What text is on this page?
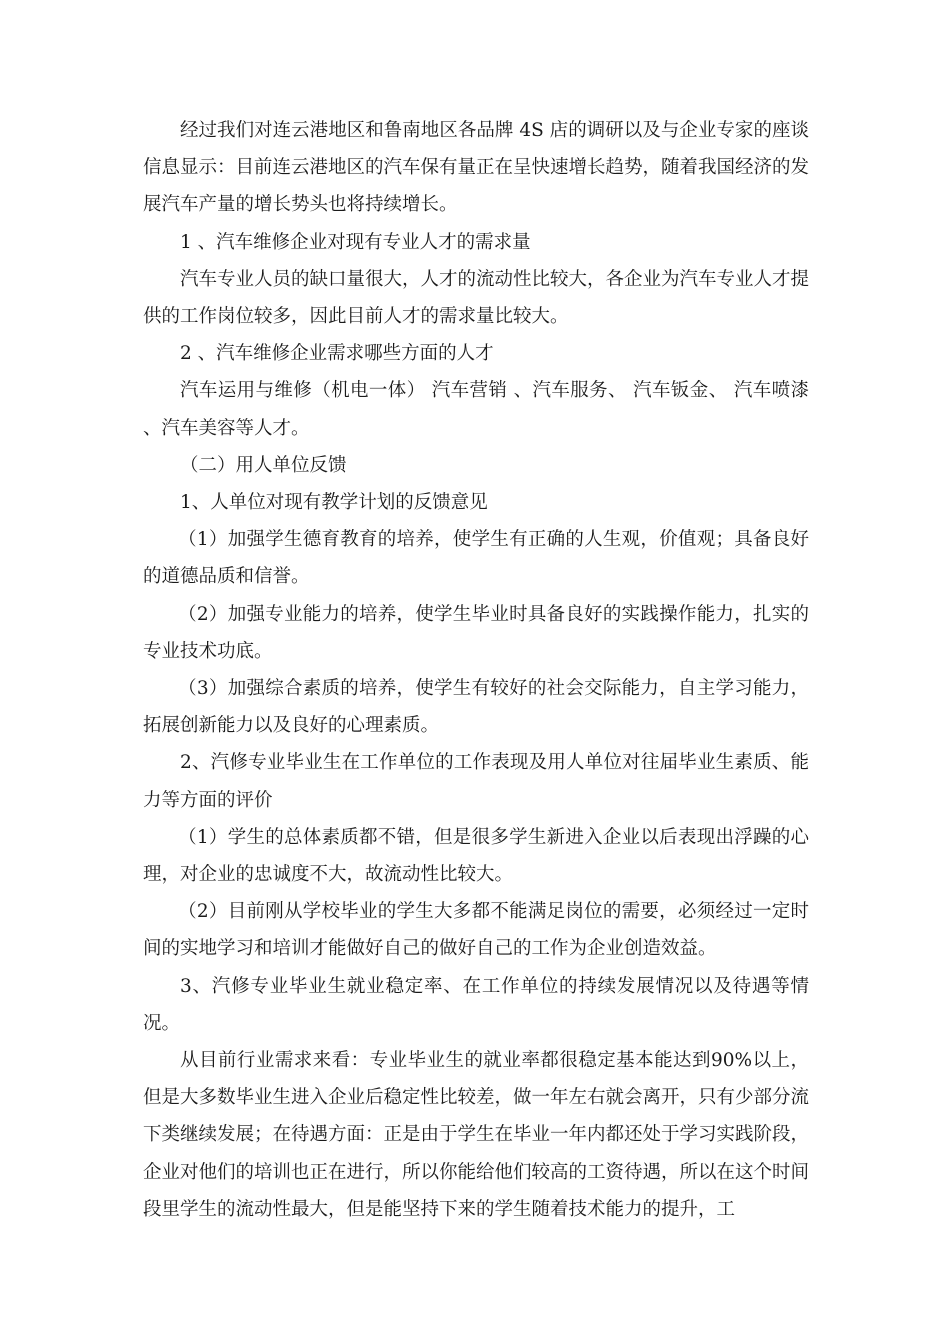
经过我们对连云港地区和鲁南地区各品牌 4S 店的调研以及与企业专家的座谈信息显示：目前连云港地区的汽车保有量正在呈快速增长趋势，随着我国经济的发展汽车产量的增长势头也将持续增长。

1 、汽车维修企业对现有专业人才的需求量

汽车专业人员的缺口量很大，人才的流动性比较大，各企业为汽车专业人才提供的工作岗位较多，因此目前人才的需求量比较大。

2 、汽车维修企业需求哪些方面的人才

汽车运用与维修（机电一体） 汽车营销 、汽车服务、 汽车钣金、 汽车喷漆 、汽车美容等人才。

（二）用人单位反馈

1、人单位对现有教学计划的反馈意见

（1）加强学生德育教育的培养，使学生有正确的人生观，价值观；具备良好的道德品质和信誉。

（2）加强专业能力的培养，使学生毕业时具备良好的实践操作能力，扎实的专业技术功底。

（3）加强综合素质的培养，使学生有较好的社会交际能力，自主学习能力，拓展创新能力以及良好的心理素质。

2、汽修专业毕业生在工作单位的工作表现及用人单位对往届毕业生素质、能力等方面的评价

（1）学生的总体素质都不错，但是很多学生新进入企业以后表现出浮躁的心理，对企业的忠诚度不大，故流动性比较大。

（2）目前刚从学校毕业的学生大多都不能满足岗位的需要，必须经过一定时间的实地学习和培训才能做好自己的做好自己的工作为企业创造效益。

3、汽修专业毕业生就业稳定率、在工作单位的持续发展情况以及待遇等情况。

从目前行业需求来看：专业毕业生的就业率都很稳定基本能达到90%以上，但是大多数毕业生进入企业后稳定性比较差，做一年左右就会离开，只有少部分流下类继续发展；在待遇方面：正是由于学生在毕业一年内都还处于学习实践阶段，企业对他们的培训也正在进行，所以你能给他们较高的工资待遇，所以在这个时间段里学生的流动性最大，但是能坚持下来的学生随着技术能力的提升，工
